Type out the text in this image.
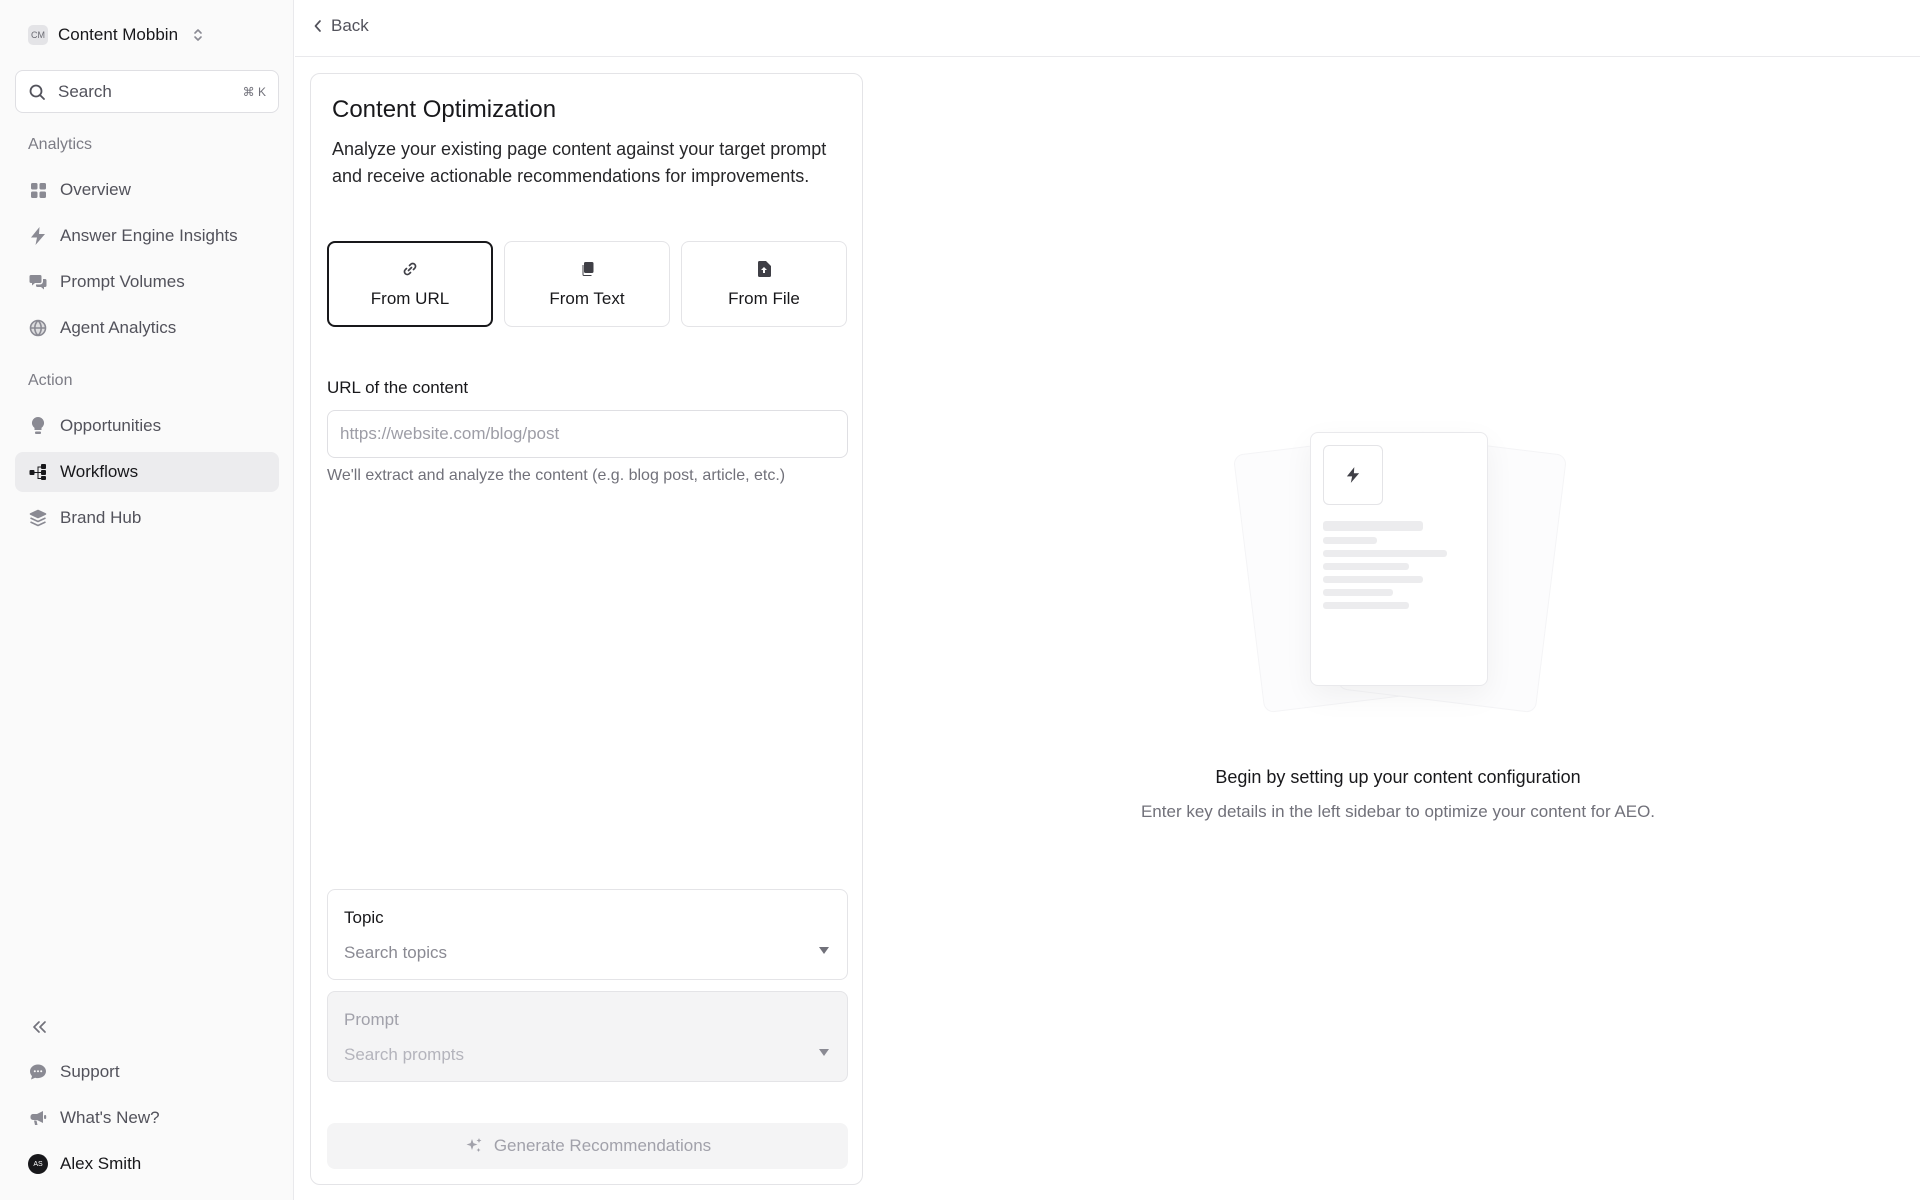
CM Content Mobbin
Search	⌘ K
Analytics
Overview
Answer Engine Insights
Prompt Volumes
Agent Analytics
Action
Opportunities
Workflows
Brand Hub
Support
What's New?
AS	Alex Smith
Back
Content Optimization

Analyze your existing page content against your target prompt and receive actionable recommendations for improvements.

From URL	From Text	From File
URL of the content
https://website.com/blog/post
We'll extract and analyze the content (e.g. blog post, article, etc.)
Topic
Search topics
Prompt
Search prompts
Generate Recommendations
Begin by setting up your content configuration
Enter key details in the left sidebar to optimize your content for AEO.
